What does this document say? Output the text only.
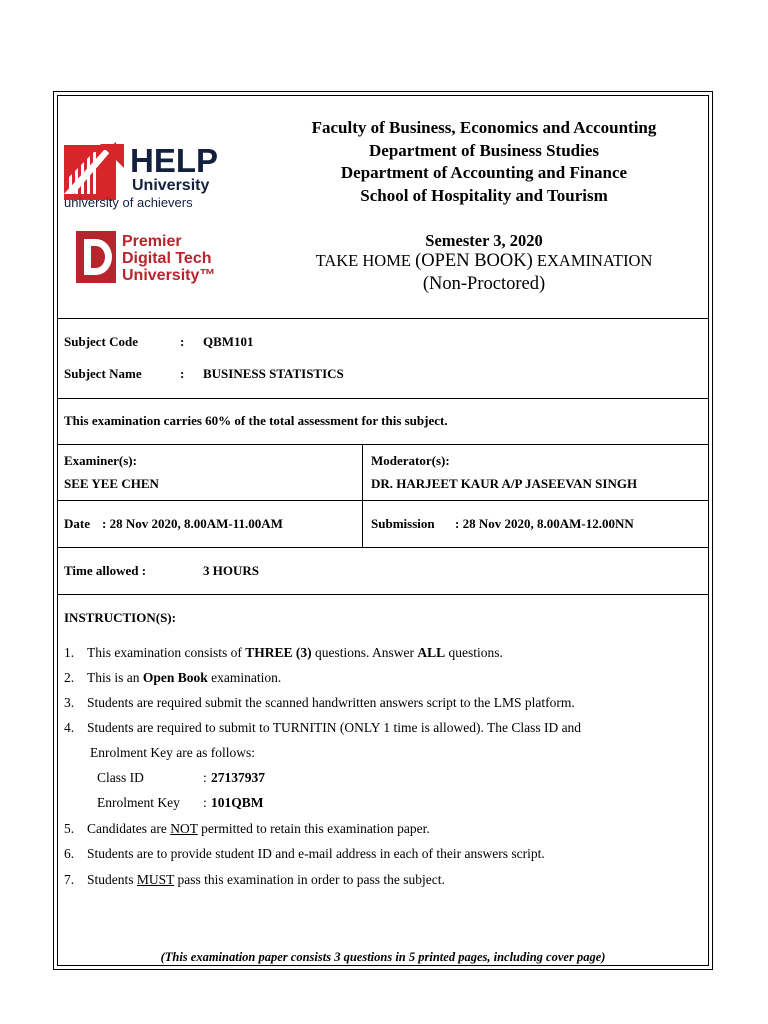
HELP
University
university of achievers
Premier
Digital Tech
University™
Faculty of Business, Economics and Accounting
Department of Business Studies
Department of Accounting and Finance
School of Hospitality and Tourism
Semester 3, 2020
TAKE HOME (OPEN BOOK) EXAMINATION
(Non-Proctored)
Subject Code	: QBM101
Subject Name	: BUSINESS STATISTICS
This examination carries 60% of the total assessment for this subject.
Examiner(s):
SEE YEE CHEN
Moderator(s):
DR. HARJEET KAUR A/P JASEEVAN SINGH
Date : 28 Nov 2020, 8.00AM-11.00AM	Submission : 28 Nov 2020, 8.00AM-12.00NN
Time allowed :	3 HOURS
INSTRUCTION(S):
1. This examination consists of THREE (3) questions. Answer ALL questions.
2. This is an Open Book examination.
3. Students are required submit the scanned handwritten answers script to the LMS platform.
4. Students are required to submit to TURNITIN (ONLY 1 time is allowed). The Class ID and
Enrolment Key are as follows:
Class ID	: 27137937
Enrolment Key : 101QBM
5. Candidates are NOT permitted to retain this examination paper.
6. Students are to provide student ID and e-mail address in each of their answers script.
7. Students MUST pass this examination in order to pass the subject.
(This examination paper consists 3 questions in 5 printed pages, including cover page)
